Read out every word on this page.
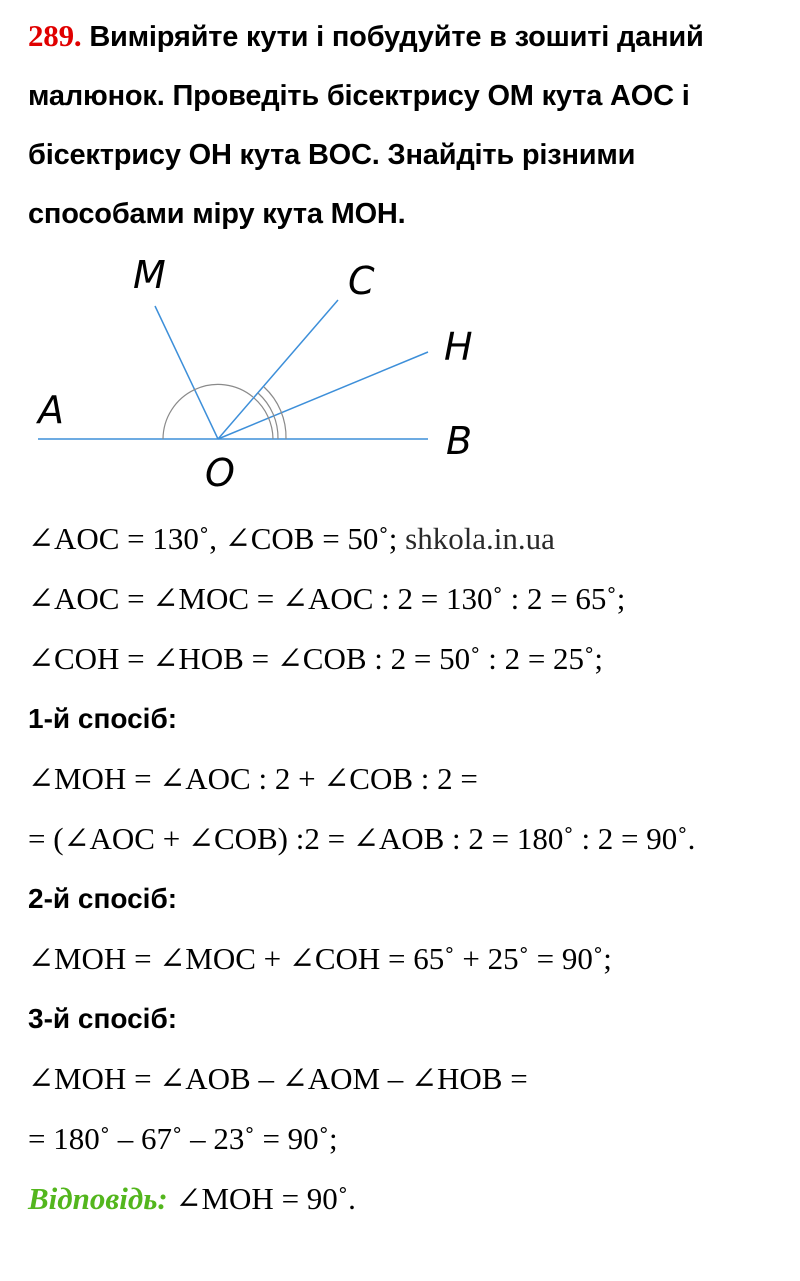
289. Виміряйте кути і побудуйте в зошиті даний
малюнок. Проведіть бісектрису OM кута AOC і
бісектрису OH кута BOC. Знайдіть різними
способами міру кута MOH.
M	C
H
A
B
O
∠AOC = 130˚, ∠COB = 50˚; shkola.in.ua
∠AOC = ∠MOC = ∠AOC : 2 = 130˚ : 2 = 65˚;
∠COH = ∠HOB = ∠COB : 2 = 50˚ : 2 = 25˚;
1-й спосіб:
∠MOH = ∠AOC : 2 + ∠COB : 2 =
= (∠AOC + ∠COB) :2 = ∠AOB : 2 = 180˚ : 2 = 90˚.
2-й спосіб:
∠MOH = ∠MOC + ∠COH = 65˚ + 25˚ = 90˚;
3-й спосіб:
∠MOH = ∠AOB – ∠AOM – ∠HOB =
= 180˚ – 67˚ – 23˚ = 90˚;
Відповідь: ∠MOH = 90˚.
